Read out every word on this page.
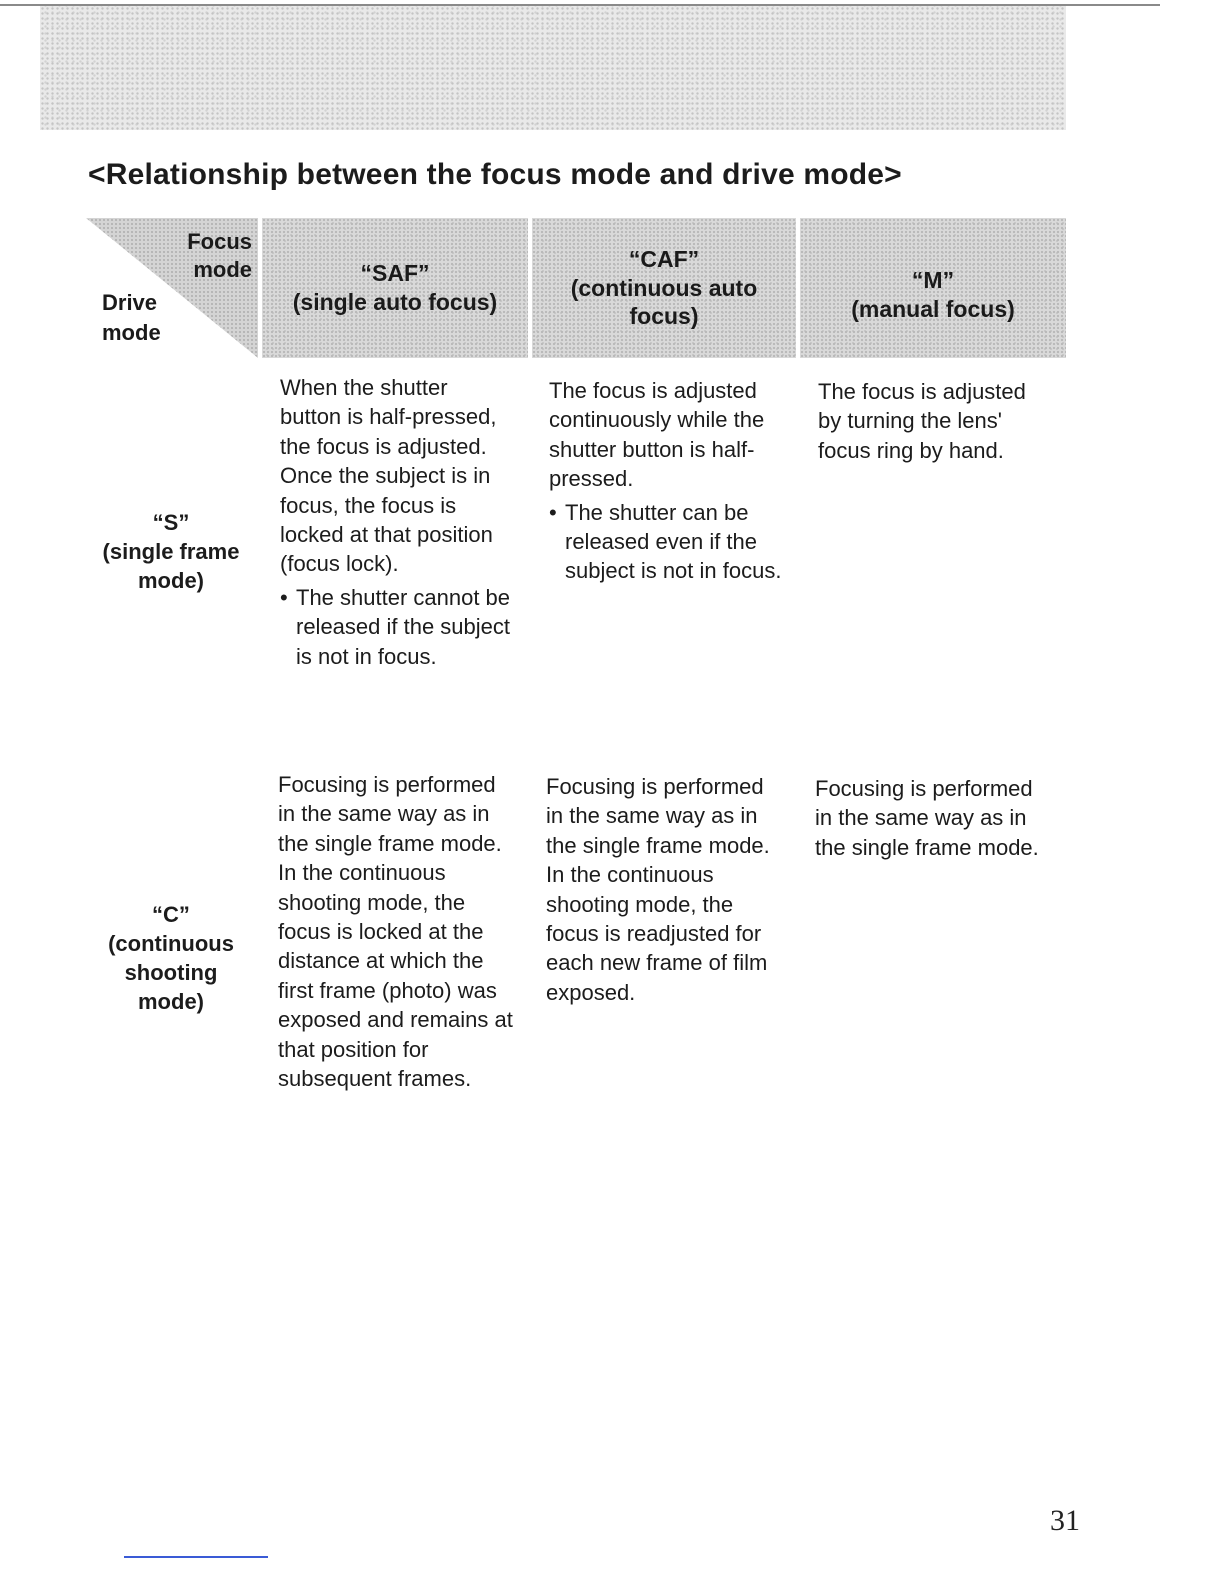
<Relationship between the focus mode and drive mode>
Focus
mode
Drive
mode
“SAF”
(single auto focus)
“CAF”
(continuous auto focus)
“M”
(manual focus)
“S”
(single frame
mode)

When the shutter button is half-pressed, the focus is adjusted. Once the subject is in focus, the focus is locked at that position (focus lock).

• The shutter cannot be released if the subject is not in focus.

The focus is adjusted continuously while the shutter button is half-pressed.

• The shutter can be released even if the subject is not in focus.

The focus is adjusted by turning the lens' focus ring by hand.

“C”
(continuous
shooting
mode)

Focusing is performed in the same way as in the single frame mode. In the continuous shooting mode, the focus is locked at the distance at which the first frame (photo) was exposed and remains at that position for subsequent frames.

Focusing is performed in the same way as in the single frame mode. In the continuous shooting mode, the focus is readjusted for each new frame of film exposed.

Focusing is performed in the same way as in the single frame mode.

31
